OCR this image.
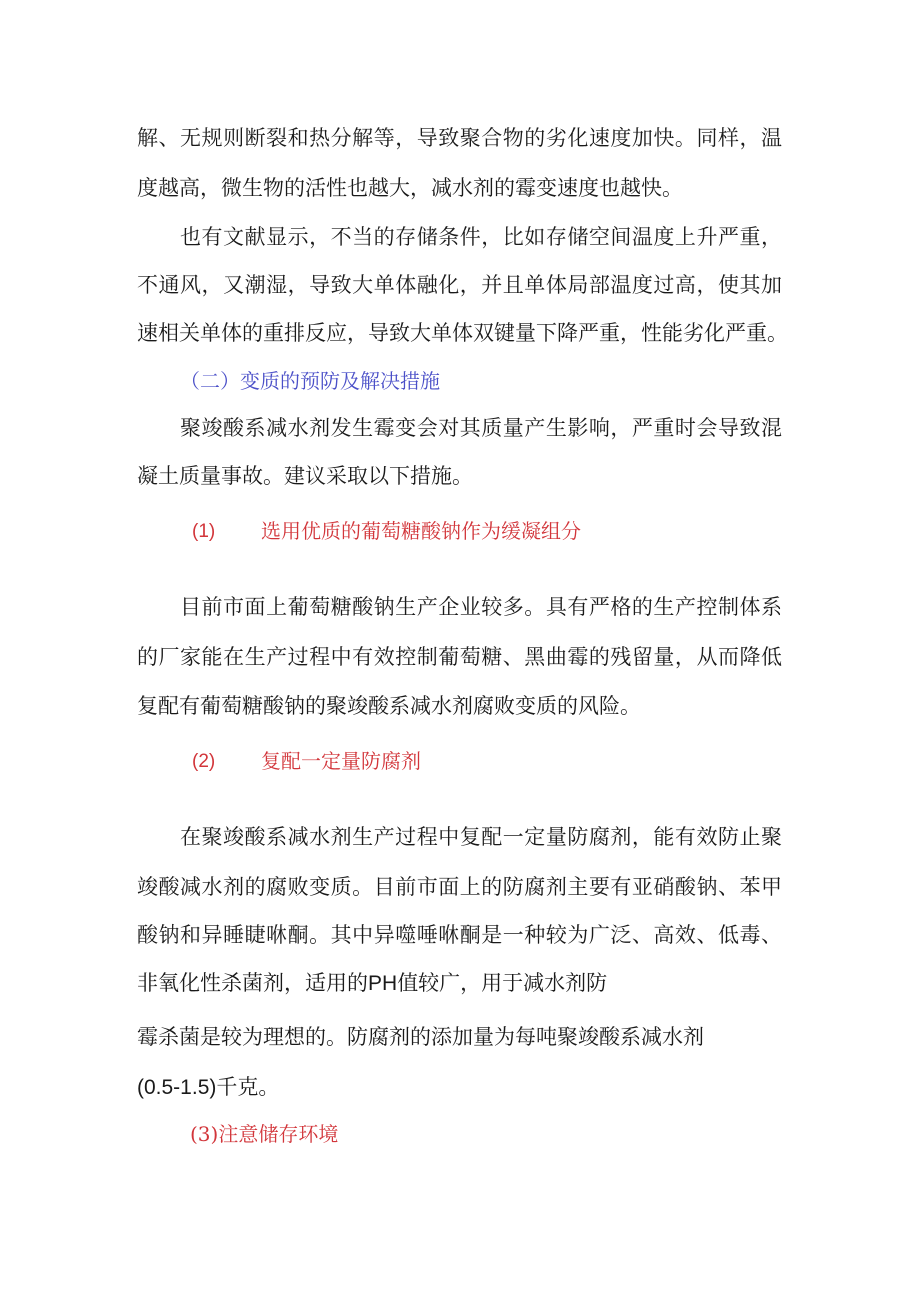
解、无规则断裂和热分解等，导致聚合物的劣化速度加快。同样，温
度越高，微生物的活性也越大，减水剂的霉变速度也越快。
也有文献显示，不当的存储条件，比如存储空间温度上升严重，
不通风，又潮湿，导致大单体融化，并且单体局部温度过高，使其加
速相关单体的重排反应，导致大单体双键量下降严重，性能劣化严重。
（二）变质的预防及解决措施
聚竣酸系减水剂发生霉变会对其质量产生影响，严重时会导致混
凝土质量事故。建议采取以下措施。
(1) 选用优质的葡萄糖酸钠作为缓凝组分
目前市面上葡萄糖酸钠生产企业较多。具有严格的生产控制体系
的厂家能在生产过程中有效控制葡萄糖、黑曲霉的残留量，从而降低
复配有葡萄糖酸钠的聚竣酸系减水剂腐败变质的风险。
(2) 复配一定量防腐剂
在聚竣酸系减水剂生产过程中复配一定量防腐剂，能有效防止聚
竣酸减水剂的腐败变质。目前市面上的防腐剂主要有亚硝酸钠、苯甲
酸钠和异睡睫咻酮。其中异噬唾咻酮是一种较为广泛、高效、低毒、
非氧化性杀菌剂，适用的PH值较广，用于减水剂防
霉杀菌是较为理想的。防腐剂的添加量为每吨聚竣酸系减水剂
(0.5-1.5)千克。
(3)注意储存环境
